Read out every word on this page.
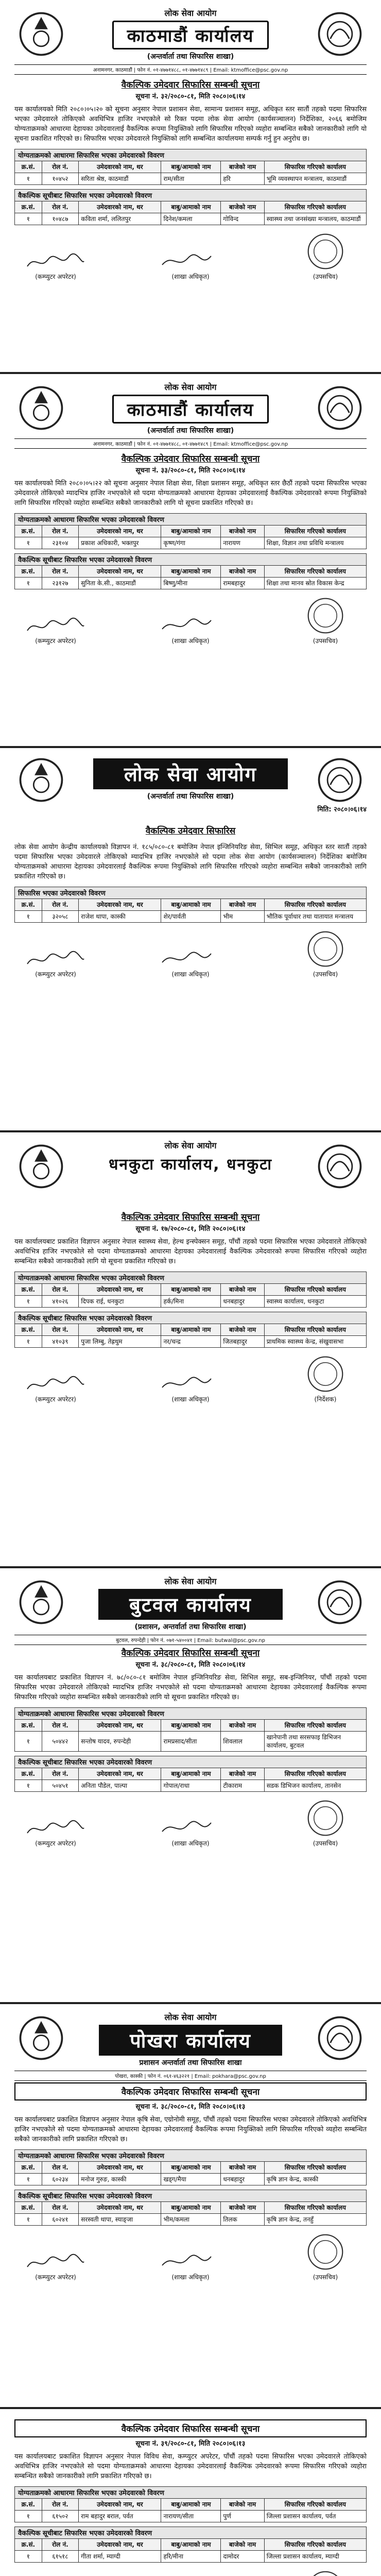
लोक सेवा आयोग
काठमाडौं कार्यालय
(अन्तर्वार्ता तथा सिफारिस शाखा)
अनामनगर, काठमाडौं | फोन नं. ०१-४७७१४८८, ०१-४७७१४८९ | Email: ktmoffice@psc.gov.np
वैकल्पिक उमेदवार सिफारिस सम्बन्धी सूचना
सूचना नं. ३२/२०८०-८१, मिति २०८०।०६।१४

यस कार्यालयको मिति २०८०।०५।२० को सूचना अनुसार नेपाल प्रशासन सेवा, सामान्य प्रशासन समूह, अधिकृत स्तर सातौं तहको पदमा सिफारिस भएका उमेदवारले तोकिएको अवधिभित्र हाजिर नभएकोले सो रिक्त पदमा लोक सेवा आयोग (कार्यसञ्चालन) निर्देशिका, २०६६ बमोजिम योग्यताक्रमको आधारमा देहायका उमेदवारलाई वैकल्पिक रूपमा नियुक्तिको लागि सिफारिस गरिएको व्यहोरा सम्बन्धित सबैको जानकारीको लागि यो सूचना प्रकाशित गरिएको छ। सिफारिस भएका उमेदवारले नियुक्तिको लागि सम्बन्धित कार्यालयमा सम्पर्क गर्नु हुन अनुरोध छ।

योग्यताक्रमको आधारमा सिफारिस भएका उमेदवारको विवरण
क्र.सं.	रोल नं.	उमेदवारको नाम, थर	बाबु/आमाको नाम	बाजेको नाम	सिफारिस गरिएको कार्यालय
१	१०४५२	सरिता श्रेष्ठ, काठमाडौं	राम/सीता	हरि	भूमि व्यवस्थापन मन्त्रालय, काठमाडौं
वैकल्पिक सूचीबाट सिफारिस भएका उमेदवारको विवरण
क्र.सं.	रोल नं.	उमेदवारको नाम, थर	बाबु/आमाको नाम	बाजेको नाम	सिफारिस गरिएको कार्यालय
१	१०४८७	कविता शर्मा, ललितपुर	दिनेश/कमला	गोविन्द	स्वास्थ्य तथा जनसंख्या मन्त्रालय, काठमाडौं
(कम्प्युटर अपरेटर)	(शाखा अधिकृत)	(उपसचिव)
लोक सेवा आयोग
काठमाडौं कार्यालय
(अन्तर्वार्ता तथा सिफारिस शाखा)
अनामनगर, काठमाडौं | फोन नं. ०१-४७७१४८८, ०१-४७७१४८९ | Email: ktmoffice@psc.gov.np
वैकल्पिक उमेदवार सिफारिस सम्बन्धी सूचना
सूचना नं. ३३/२०८०-८१, मिति २०८०।०६।१४

यस कार्यालयको मिति २०८०।०५।२२ को सूचना अनुसार नेपाल शिक्षा सेवा, शिक्षा प्रशासन समूह, अधिकृत स्तर छैठौं तहको पदमा सिफारिस भएका उमेदवारले तोकिएको म्यादभित्र हाजिर नभएकोले सो पदमा योग्यताक्रमको आधारमा देहायका उमेदवारलाई वैकल्पिक उमेदवारको रूपमा नियुक्तिको लागि सिफारिस गरिएको व्यहोरा सम्बन्धित सबैको जानकारीको लागि यो सूचना प्रकाशित गरिएको छ।

योग्यताक्रमको आधारमा सिफारिस भएका उमेदवारको विवरण
क्र.सं.	रोल नं.	उमेदवारको नाम, थर	बाबु/आमाको नाम	बाजेको नाम	सिफारिस गरिएको कार्यालय
१	२३१०४	प्रकाश अधिकारी, भक्तपुर	कृष्ण/गंगा	नारायण	शिक्षा, विज्ञान तथा प्रविधि मन्त्रालय
वैकल्पिक सूचीबाट सिफारिस भएका उमेदवारको विवरण
क्र.सं.	रोल नं.	उमेदवारको नाम, थर	बाबु/आमाको नाम	बाजेको नाम	सिफारिस गरिएको कार्यालय
१	२३१२७	सुनिता के.सी., काठमाडौं	बिष्णु/मीना	रामबहादुर	शिक्षा तथा मानव स्रोत विकास केन्द्र
(कम्प्युटर अपरेटर)	(शाखा अधिकृत)	(उपसचिव)
लोक सेवा आयोग
(अन्तर्वार्ता तथा सिफारिस शाखा)
मिति: २०८०।०६।१४
वैकल्पिक उमेदवार सिफारिस

लोक सेवा आयोग केन्द्रीय कार्यालयको विज्ञापन नं. १८५/०८०-८१ बमोजिम नेपाल इन्जिनियरिङ सेवा, सिभिल समूह, अधिकृत स्तर सातौं तहको पदमा सिफारिस भएका उमेदवारले तोकिएको म्यादभित्र हाजिर नभएकोले सो पदमा लोक सेवा आयोग (कार्यसञ्चालन) निर्देशिका बमोजिम योग्यताक्रमको आधारमा देहायका उमेदवारलाई वैकल्पिक रूपमा नियुक्तिको लागि सिफारिस गरिएको व्यहोरा सम्बन्धित सबैको जानकारीको लागि प्रकाशित गरिएको छ।

सिफारिस भएका उमेदवारको विवरण
क्र.सं.	रोल नं.	उमेदवारको नाम, थर	बाबु/आमाको नाम	बाजेको नाम	सिफारिस गरिएको कार्यालय
१	३२०५८	राजेश थापा, कास्की	शेर/पार्वती	भीम	भौतिक पूर्वाधार तथा यातायात मन्त्रालय
(कम्प्युटर अपरेटर)	(शाखा अधिकृत)	(उपसचिव)
लोक सेवा आयोग
धनकुटा कार्यालय, धनकुटा
वैकल्पिक उमेदवार सिफारिस सम्बन्धी सूचना
सूचना नं. १७/२०८०-८१, मिति २०८०।०६।१४

यस कार्यालयबाट प्रकाशित विज्ञापन अनुसार नेपाल स्वास्थ्य सेवा, हेल्थ इन्स्पेक्सन समूह, पाँचौं तहको पदमा सिफारिस भएका उमेदवारले तोकिएको अवधिभित्र हाजिर नभएकोले सो पदमा योग्यताक्रमको आधारमा देहायका उमेदवारलाई वैकल्पिक उमेदवारको रूपमा सिफारिस गरिएको व्यहोरा सम्बन्धित सबैको जानकारीको लागि यो सूचना प्रकाशित गरिएको छ।

योग्यताक्रमको आधारमा सिफारिस भएका उमेदवारको विवरण
क्र.सं.	रोल नं.	उमेदवारको नाम, थर	बाबु/आमाको नाम	बाजेको नाम	सिफारिस गरिएको कार्यालय
१	४१०२६	दिपक राई, धनकुटा	हर्क/मिना	धनबहादुर	स्वास्थ्य कार्यालय, धनकुटा
वैकल्पिक सूचीबाट सिफारिस भएका उमेदवारको विवरण
क्र.सं.	रोल नं.	उमेदवारको नाम, थर	बाबु/आमाको नाम	बाजेको नाम	सिफारिस गरिएको कार्यालय
१	४१०३९	पुजा लिम्बु, तेह्रथुम	नर/चन्द्र	जितबहादुर	प्राथमिक स्वास्थ्य केन्द्र, संखुवासभा
(कम्प्युटर अपरेटर)	(शाखा अधिकृत)	(निर्देशक)
लोक सेवा आयोग
बुटवल कार्यालय
(प्रशासन, अन्तर्वार्ता तथा सिफारिस शाखा)
बुटवल, रुपन्देही | फोन नं. ०७१-५४००४१ | Email: butwal@psc.gov.np
वैकल्पिक उमेदवार सिफारिस सम्बन्धी सूचना
सूचना नं. ३८/२०८०-८१, मिति २०८०।०६।१४

यस कार्यालयबाट प्रकाशित विज्ञापन नं. ७८/०८०-८१ बमोजिम नेपाल इन्जिनियरिङ सेवा, सिभिल समूह, सब-इन्जिनियर, पाँचौं तहको पदमा सिफारिस भएका उमेदवारले तोकिएको म्यादभित्र हाजिर नभएकोले सो पदमा योग्यताक्रमको आधारमा देहायका उमेदवारलाई वैकल्पिक रूपमा सिफारिस गरिएको व्यहोरा सम्बन्धित सबैको जानकारीको लागि यो सूचना प्रकाशित गरिएको छ।

योग्यताक्रमको आधारमा सिफारिस भएका उमेदवारको विवरण
क्र.सं.	रोल नं.	उमेदवारको नाम, थर	बाबु/आमाको नाम	बाजेको नाम	सिफारिस गरिएको कार्यालय
१	५०४४२	सन्तोष यादव, रुपन्देही	रामप्रसाद/सीता	शिवलाल	खानेपानी तथा सरसफाइ डिभिजन कार्यालय, बुटवल
वैकल्पिक सूचीबाट सिफारिस भएका उमेदवारको विवरण
क्र.सं.	रोल नं.	उमेदवारको नाम, थर	बाबु/आमाको नाम	बाजेको नाम	सिफारिस गरिएको कार्यालय
१	५०४५१	अनिता पौडेल, पाल्पा	गोपाल/राधा	टीकाराम	सडक डिभिजन कार्यालय, तानसेन
(कम्प्युटर अपरेटर)	(शाखा अधिकृत)	(उपसचिव)
लोक सेवा आयोग
पोखरा कार्यालय
प्रशासन अन्तर्वार्ता तथा सिफारिस शाखा
पोखरा, कास्की | फोन नं. ०६१-४६३२२१ | Email: pokhara@psc.gov.np
वैकल्पिक उमेदवार सिफारिस सम्बन्धी सूचना
सूचना नं. ३८/२०८०-८१, मिति २०८०।०६।१३

यस कार्यालयबाट प्रकाशित विज्ञापन अनुसार नेपाल कृषि सेवा, एग्रोनोमी समूह, पाँचौं तहको पदमा सिफारिस भएका उमेदवारले तोकिएको अवधिभित्र हाजिर नभएकोले सो पदमा योग्यताक्रमको आधारमा देहायका उमेदवारलाई वैकल्पिक रूपमा नियुक्तिको लागि सिफारिस गरिएको व्यहोरा सम्बन्धित सबैको जानकारीको लागि प्रकाशित गरिएको छ।

योग्यताक्रमको आधारमा सिफारिस भएका उमेदवारको विवरण
क्र.सं.	रोल नं.	उमेदवारको नाम, थर	बाबु/आमाको नाम	बाजेको नाम	सिफारिस गरिएको कार्यालय
१	६०२३४	मनोज गुरुङ, कास्की	खड्ग/मैया	धनबहादुर	कृषि ज्ञान केन्द्र, कास्की
वैकल्पिक सूचीबाट सिफारिस भएका उमेदवारको विवरण
क्र.सं.	रोल नं.	उमेदवारको नाम, थर	बाबु/आमाको नाम	बाजेको नाम	सिफारिस गरिएको कार्यालय
१	६०२४१	सरस्वती थापा, स्याङ्जा	भीम/कमला	तिलक	कृषि ज्ञान केन्द्र, तनहुँ
(कम्प्युटर अपरेटर)	(शाखा अधिकृत)	(उपसचिव)
वैकल्पिक उमेदवार सिफारिस सम्बन्धी सूचना
सूचना नं. ३९/२०८०-८१, मिति २०८०।०६।१३

यस कार्यालयबाट प्रकाशित विज्ञापन अनुसार नेपाल विविध सेवा, कम्प्युटर अपरेटर, पाँचौं तहको पदमा सिफारिस भएका उमेदवारले तोकिएको अवधिभित्र हाजिर नभएकोले सो पदमा योग्यताक्रमको आधारमा देहायका उमेदवारलाई वैकल्पिक उमेदवारको रूपमा सिफारिस गरिएको व्यहोरा सम्बन्धित सबैको जानकारीको लागि प्रकाशित गरिएको छ।

योग्यताक्रमको आधारमा सिफारिस भएका उमेदवारको विवरण
क्र.सं.	रोल नं.	उमेदवारको नाम, थर	बाबु/आमाको नाम	बाजेको नाम	सिफारिस गरिएको कार्यालय
१	६१५०२	राम बहादुर बराल, पर्वत	नारायण/सीता	पुर्ण	जिल्ला प्रशासन कार्यालय, पर्वत
वैकल्पिक सूचीबाट सिफारिस भएका उमेदवारको विवरण
क्र.सं.	रोल नं.	उमेदवारको नाम, थर	बाबु/आमाको नाम	बाजेको नाम	सिफारिस गरिएको कार्यालय
१	६१५१८	गीता शर्मा, म्याग्दी	हरि/मीना	दामोदर	जिल्ला प्रशासन कार्यालय, म्याग्दी
